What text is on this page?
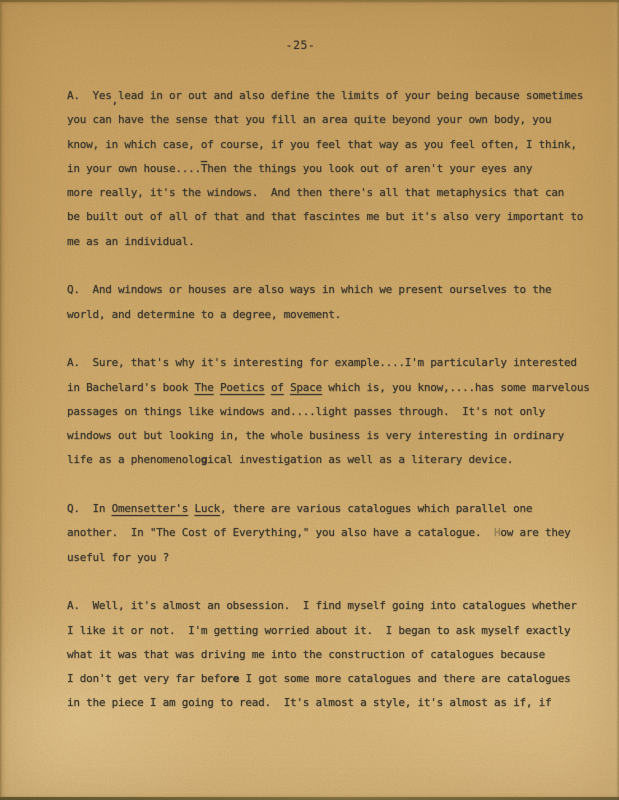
-25-
A.  Yes,lead in or out and also define the limits of your being because sometimes
you can have the sense that you fill an area quite beyond your own body, you
know, in which case, of course, if you feel that way as you feel often, I think,
in your own $house....\overline{T}hen$ the things you look out of aren't your eyes any
more really, it's the windows.  And then there's all that metaphysics that can
be built out of all of that and that fascintes me but it's also very important to
me as an individual.
Q.  And windows or houses are also ways in which we present ourselves to the
world, and determine to a degree, movement.
A.  Sure, that's why it's interesting for example....I'm particularly interested
in Bachelard's book The Poetics of Space which is, you know,....has some marvelous
passages on things like windows and....light passes through.  It's not only
windows out but looking in, the whole business is very interesting in ordinary
life as a phenomenological investigation as well as a literary device.
Q.  In Omensetter's Luck, there are various catalogues which parallel one
another.  In "The Cost of Everything," you also have a catalogue.  How are they
useful for you ?
A.  Well, it's almost an obsession.  I find myself going into catalogues whether
I like it or not.  I'm getting worried about it.  I began to ask myself exactly
what it was that was driving me into the construction of catalogues because
I don't get very far before I got some more catalogues and there are catalogues
in the piece I am going to read.  It's almost a style, it's almost as if, if
